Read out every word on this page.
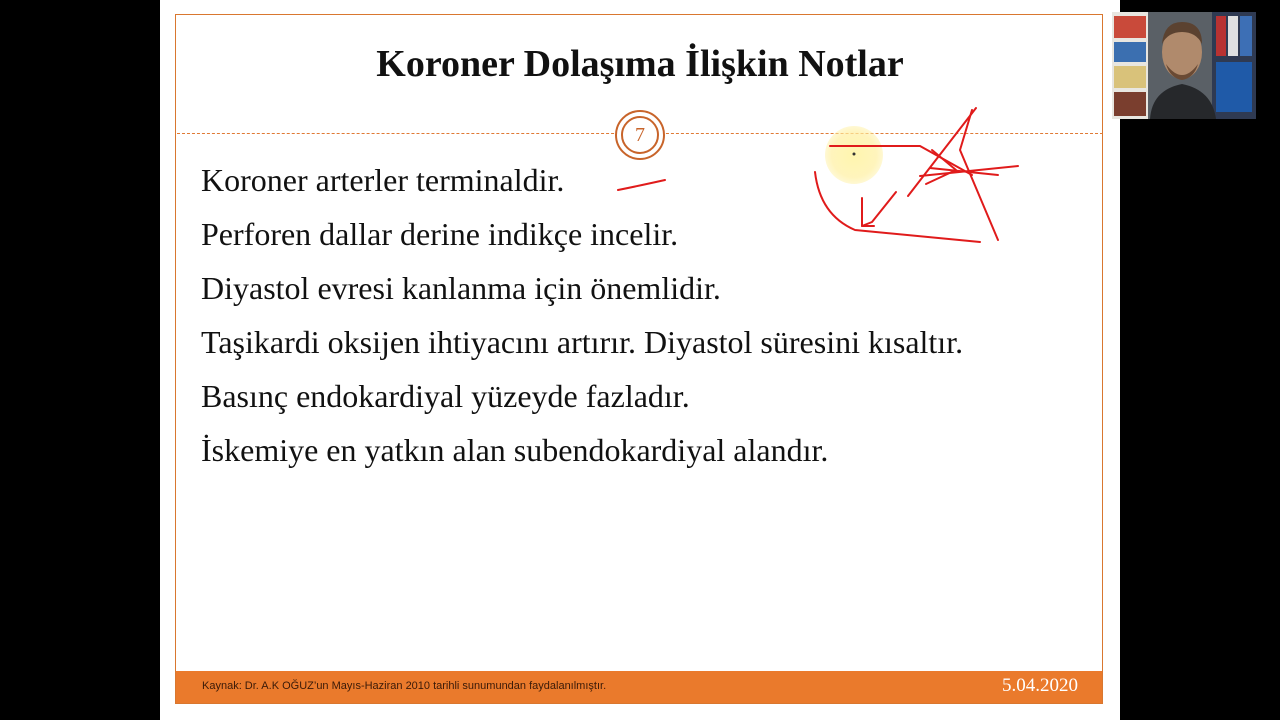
Koroner Dolaşıma İlişkin Notlar
7

Koroner arterler terminaldir.

Perforen dallar derine indikçe incelir.

Diyastol evresi kanlanma için önemlidir.

Taşikardi oksijen ihtiyacını artırır. Diyastol süresini kısaltır.

Basınç endokardiyal yüzeyde fazladır.

İskemiye en yatkın alan subendokardiyal alandır.

Kaynak: Dr. A.K OĞUZ’un Mayıs-Haziran 2010 tarihli sunumundan faydalanılmıştır.	5.04.2020
